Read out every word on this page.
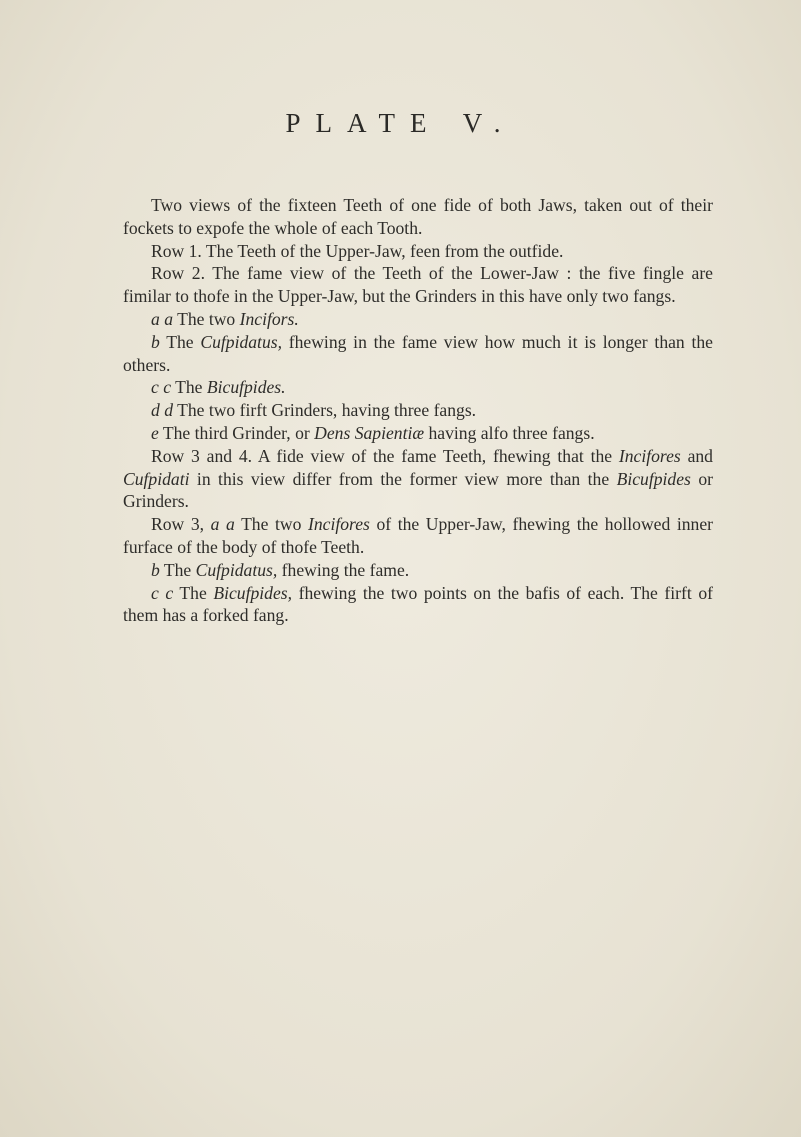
PLATE V.

Two views of the fixteen Teeth of one fide of both Jaws, taken out of their fockets to expofe the whole of each Tooth.

Row 1. The Teeth of the Upper-Jaw, feen from the outfide.

Row 2. The fame view of the Teeth of the Lower-Jaw : the five fingle are fimilar to thofe in the Upper-Jaw, but the Grinders in this have only two fangs.

a a The two Incifors.

b The Cufpidatus, fhewing in the fame view how much it is longer than the others.

c c The Bicufpides.

d d The two firft Grinders, having three fangs.

e The third Grinder, or Dens Sapientiæ having alfo three fangs.

Row 3 and 4. A fide view of the fame Teeth, fhewing that the Incifores and Cufpidati in this view differ from the former view more than the Bicufpides or Grinders.

Row 3, a a The two Incifores of the Upper-Jaw, fhewing the hollowed inner furface of the body of thofe Teeth.

b The Cufpidatus, fhewing the fame.

c c The Bicufpides, fhewing the two points on the bafis of each. The firft of them has a forked fang.
